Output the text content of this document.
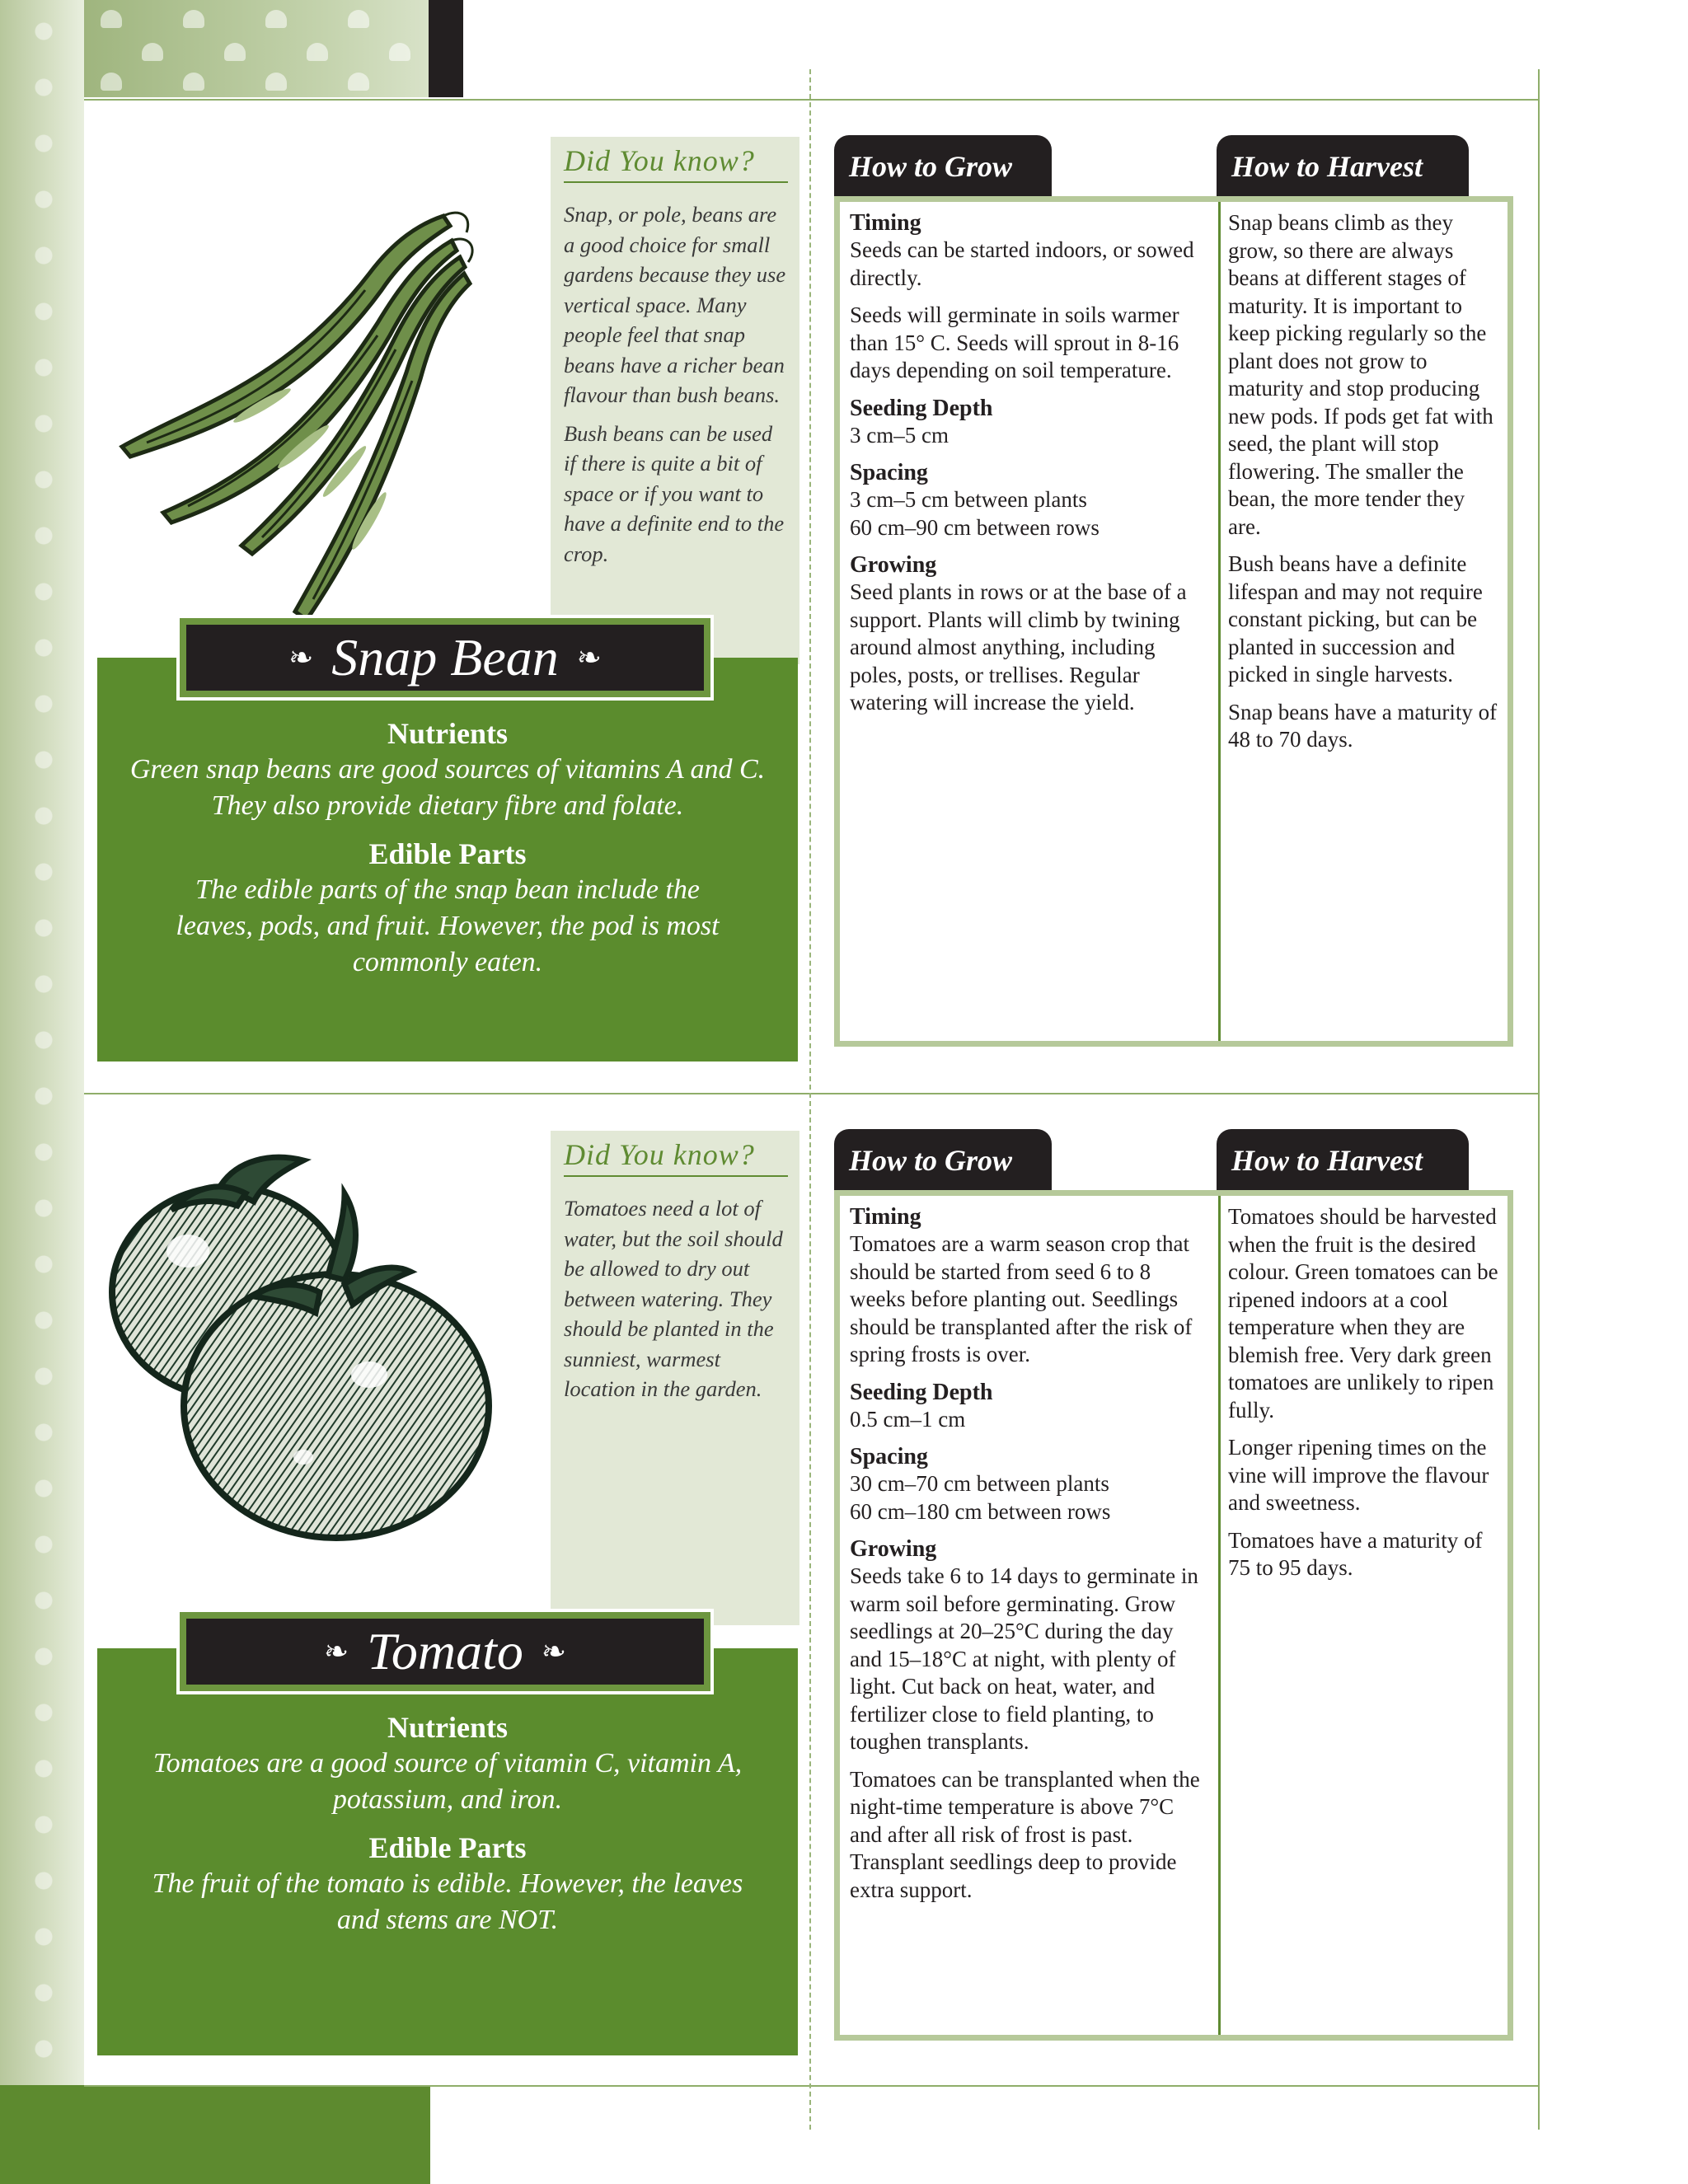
Did You know?

Snap, or pole, beans are a good choice for small gardens because they use vertical space. Many people feel that snap beans have a richer bean flavour than bush beans.

Bush beans can be used if there is quite a bit of space or if you want to have a definite end to the crop.

❧ Snap Bean ❧
Nutrients

Green snap beans are good sources of vitamins A and C. They also provide dietary fibre and folate.

Edible Parts

The edible parts of the snap bean include the leaves, pods, and fruit. However, the pod is most commonly eaten.

How to Grow	How to Harvest
Timing

Seeds can be started indoors, or sowed directly.

Seeds will germinate in soils warmer than 15° C. Seeds will sprout in 8-16 days depending on soil temperature.

Seeding Depth
3 cm–5 cm
Spacing
3 cm–5 cm between plants
60 cm–90 cm between rows
Growing

Seed plants in rows or at the base of a support. Plants will climb by twining around almost anything, including poles, posts, or trellises. Regular watering will increase the yield.

Snap beans climb as they grow, so there are always beans at different stages of maturity. It is important to keep picking regularly so the plant does not grow to maturity and stop producing new pods. If pods get fat with seed, the plant will stop flowering. The smaller the bean, the more tender they are.

Bush beans have a definite lifespan and may not require constant picking, but can be planted in succession and picked in single harvests.

Snap beans have a maturity of 48 to 70 days.

Did You know?

Tomatoes need a lot of water, but the soil should be allowed to dry out between watering. They should be planted in the sunniest, warmest location in the garden.

❧ Tomato ❧
Nutrients

Tomatoes are a good source of vitamin C, vitamin A, potassium, and iron.

Edible Parts

The fruit of the tomato is edible. However, the leaves and stems are NOT.

How to Grow	How to Harvest
Timing

Tomatoes are a warm season crop that should be started from seed 6 to 8 weeks before planting out. Seedlings should be transplanted after the risk of spring frosts is over.

Seeding Depth
0.5 cm–1 cm
Spacing
30 cm–70 cm between plants
60 cm–180 cm between rows
Growing

Seeds take 6 to 14 days to germinate in warm soil before germinating. Grow seedlings at 20–25°C during the day and 15–18°C at night, with plenty of light. Cut back on heat, water, and fertilizer close to field planting, to toughen transplants.

Tomatoes can be transplanted when the night-time temperature is above 7°C and after all risk of frost is past. Transplant seedlings deep to provide extra support.

Tomatoes should be harvested when the fruit is the desired colour. Green tomatoes can be ripened indoors at a cool temperature when they are blemish free. Very dark green tomatoes are unlikely to ripen fully.

Longer ripening times on the vine will improve the flavour and sweetness.

Tomatoes have a maturity of 75 to 95 days.
